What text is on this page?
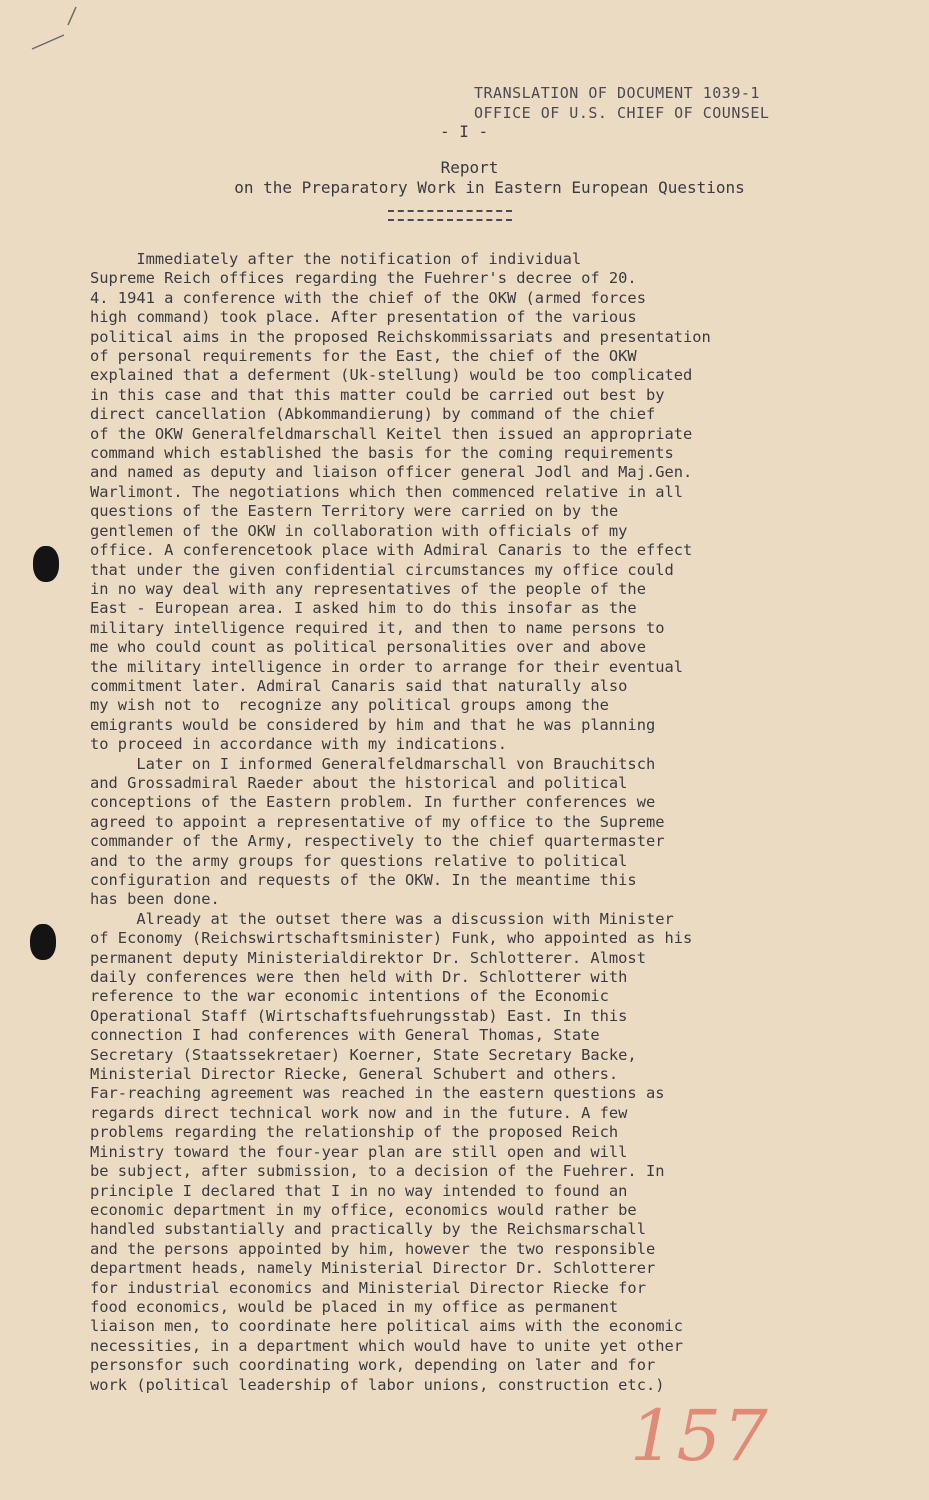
TRANSLATION OF DOCUMENT 1039-1
OFFICE OF U.S. CHIEF OF COUNSEL
- I -
Report
on the Preparatory Work in Eastern European Questions
Immediately after the notification of individual
Supreme Reich offices regarding the Fuehrer's decree of 20.
4. 1941 a conference with the chief of the OKW (armed forces
high command) took place. After presentation of the various
political aims in the proposed Reichskommissariats and presentation
of personal requirements for the East, the chief of the OKW
explained that a deferment (Uk-stellung) would be too complicated
in this case and that this matter could be carried out best by
direct cancellation (Abkommandierung) by command of the chief
of the OKW Generalfeldmarschall Keitel then issued an appropriate
command which established the basis for the coming requirements
and named as deputy and liaison officer general Jodl and Maj.Gen.
Warlimont. The negotiations which then commenced relative in all
questions of the Eastern Territory were carried on by the
gentlemen of the OKW in collaboration with officials of my
office. A conferencetook place with Admiral Canaris to the effect
that under the given confidential circumstances my office could
in no way deal with any representatives of the people of the
East - European area. I asked him to do this insofar as the
military intelligence required it, and then to name persons to
me who could count as political personalities over and above
the military intelligence in order to arrange for their eventual
commitment later. Admiral Canaris said that naturally also
my wish not to  recognize any political groups among the
emigrants would be considered by him and that he was planning
to proceed in accordance with my indications.
Later on I informed Generalfeldmarschall von Brauchitsch
and Grossadmiral Raeder about the historical and political
conceptions of the Eastern problem. In further conferences we
agreed to appoint a representative of my office to the Supreme
commander of the Army, respectively to the chief quartermaster
and to the army groups for questions relative to political
configuration and requests of the OKW. In the meantime this
has been done.
Already at the outset there was a discussion with Minister
of Economy (Reichswirtschaftsminister) Funk, who appointed as his
permanent deputy Ministerialdirektor Dr. Schlotterer. Almost
daily conferences were then held with Dr. Schlotterer with
reference to the war economic intentions of the Economic
Operational Staff (Wirtschaftsfuehrungsstab) East. In this
connection I had conferences with General Thomas, State
Secretary (Staatssekretaer) Koerner, State Secretary Backe,
Ministerial Director Riecke, General Schubert and others.
Far-reaching agreement was reached in the eastern questions as
regards direct technical work now and in the future. A few
problems regarding the relationship of the proposed Reich
Ministry toward the four-year plan are still open and will
be subject, after submission, to a decision of the Fuehrer. In
principle I declared that I in no way intended to found an
economic department in my office, economics would rather be
handled substantially and practically by the Reichsmarschall
and the persons appointed by him, however the two responsible
department heads, namely Ministerial Director Dr. Schlotterer
for industrial economics and Ministerial Director Riecke for
food economics, would be placed in my office as permanent
liaison men, to coordinate here political aims with the economic
necessities, in a department which would have to unite yet other
personsfor such coordinating work, depending on later and for
work (political leadership of labor unions, construction etc.)
157
